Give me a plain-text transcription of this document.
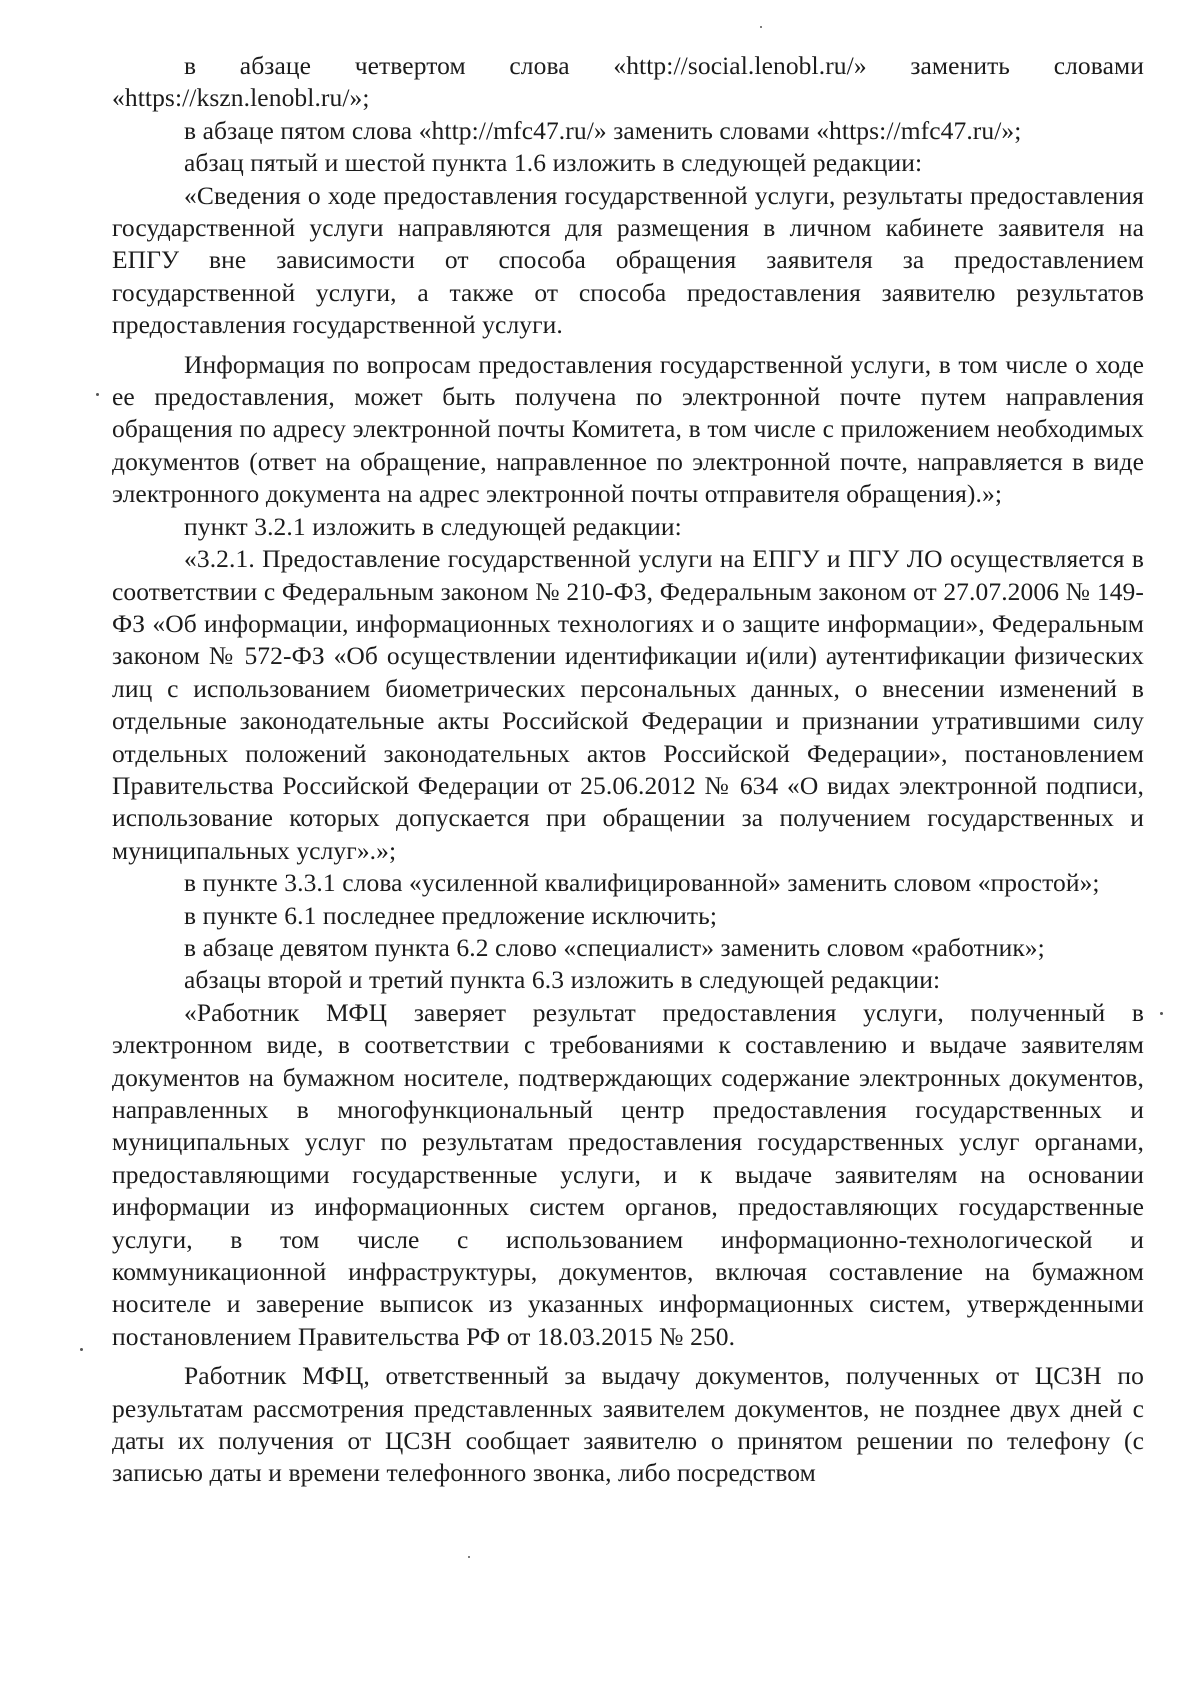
в абзаце четвертом слова «http://social.lenobl.ru/» заменить словами «https://kszn.lenobl.ru/»;

в абзаце пятом слова «http://mfc47.ru/» заменить словами «https://mfc47.ru/»;

абзац пятый и шестой пункта 1.6 изложить в следующей редакции:

«Сведения о ходе предоставления государственной услуги, результаты предоставления государственной услуги направляются для размещения в личном кабинете заявителя на ЕПГУ вне зависимости от способа обращения заявителя за предоставлением государственной услуги, а также от способа предоставления заявителю результатов предоставления государственной услуги.

Информация по вопросам предоставления государственной услуги, в том числе о ходе ее предоставления, может быть получена по электронной почте путем направления обращения по адресу электронной почты Комитета, в том числе с приложением необходимых документов (ответ на обращение, направленное по электронной почте, направляется в виде электронного документа на адрес электронной почты отправителя обращения).»;

пункт 3.2.1 изложить в следующей редакции:

«3.2.1. Предоставление государственной услуги на ЕПГУ и ПГУ ЛО осуществляется в соответствии с Федеральным законом № 210-ФЗ, Федеральным законом от 27.07.2006 № 149-ФЗ «Об информации, информационных технологиях и о защите информации», Федеральным законом № 572-ФЗ «Об осуществлении идентификации и(или) аутентификации физических лиц с использованием биометрических персональных данных, о внесении изменений в отдельные законодательные акты Российской Федерации и признании утратившими силу отдельных положений законодательных актов Российской Федерации», постановлением Правительства Российской Федерации от 25.06.2012 № 634 «О видах электронной подписи, использование которых допускается при обращении за получением государственных и муниципальных услуг».»;

в пункте 3.3.1 слова «усиленной квалифицированной» заменить словом «простой»;

в пункте 6.1 последнее предложение исключить;

в абзаце девятом пункта 6.2 слово «специалист» заменить словом «работник»;

абзацы второй и третий пункта 6.3 изложить в следующей редакции:

«Работник МФЦ заверяет результат предоставления услуги, полученный в электронном виде, в соответствии с требованиями к составлению и выдаче заявителям документов на бумажном носителе, подтверждающих содержание электронных документов, направленных в многофункциональный центр предоставления государственных и муниципальных услуг по результатам предоставления государственных услуг органами, предоставляющими государственные услуги, и к выдаче заявителям на основании информации из информационных систем органов, предоставляющих государственные услуги, в том числе с использованием информационно-технологической и коммуникационной инфраструктуры, документов, включая составление на бумажном носителе и заверение выписок из указанных информационных систем, утвержденными постановлением Правительства РФ от 18.03.2015 № 250.

Работник МФЦ, ответственный за выдачу документов, полученных от ЦСЗН по результатам рассмотрения представленных заявителем документов, не позднее двух дней с даты их получения от ЦСЗН сообщает заявителю о принятом решении по телефону (с записью даты и времени телефонного звонка, либо посредством
